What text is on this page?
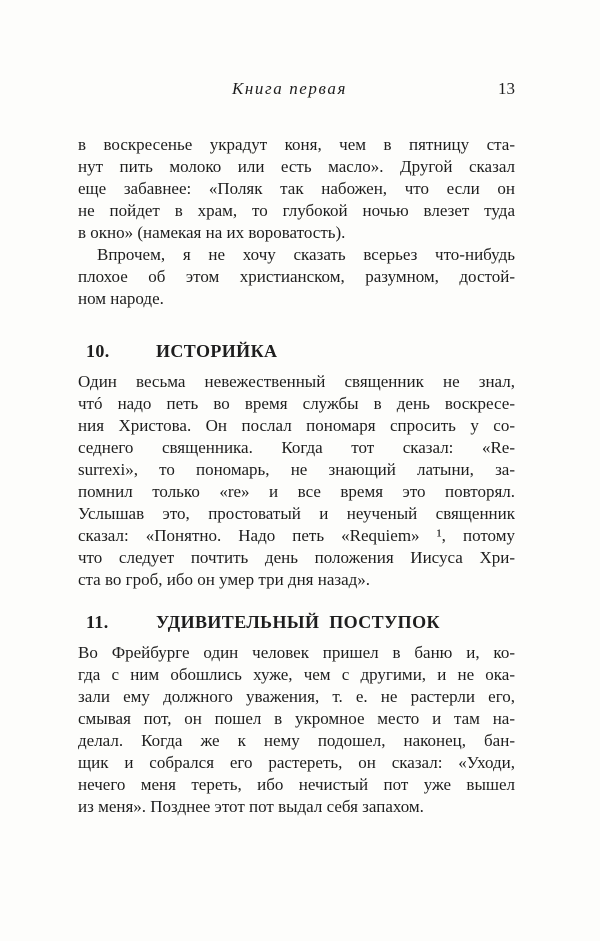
Книга первая	13
в воскресенье украдут коня, чем в пятницу ста-
нут пить молоко или есть масло». Другой сказал
еще забавнее: «Поляк так набожен, что если он
не пойдет в храм, то глубокой ночью влезет туда
в окно» (намекая на их вороватость).
Впрочем, я не хочу сказать всерьез что-нибудь
плохое об этом христианском, разумном, достой-
ном народе.
10.	ИСТОРИЙКА
Один весьма невежественный священник не знал,
чтó надо петь во время службы в день воскресе-
ния Христова. Он послал пономаря спросить у со-
седнего священника. Когда тот сказал: «Re-
surrexi», то пономарь, не знающий латыни, за-
помнил только «re» и все время это повторял.
Услышав это, простоватый и неученый священник
сказал: «Понятно. Надо петь «Requiem» ¹, потому
что следует почтить день положения Иисуса Хри-
ста во гроб, ибо он умер три дня назад».
11.	УДИВИТЕЛЬНЫЙ ПОСТУПОК
Во Фрейбурге один человек пришел в баню и, ко-
гда с ним обошлись хуже, чем с другими, и не ока-
зали ему должного уважения, т. е. не растерли его,
смывая пот, он пошел в укромное место и там на-
делал. Когда же к нему подошел, наконец, бан-
щик и собрался его растереть, он сказал: «Уходи,
нечего меня тереть, ибо нечистый пот уже вышел
из меня». Позднее этот пот выдал себя запахом.
